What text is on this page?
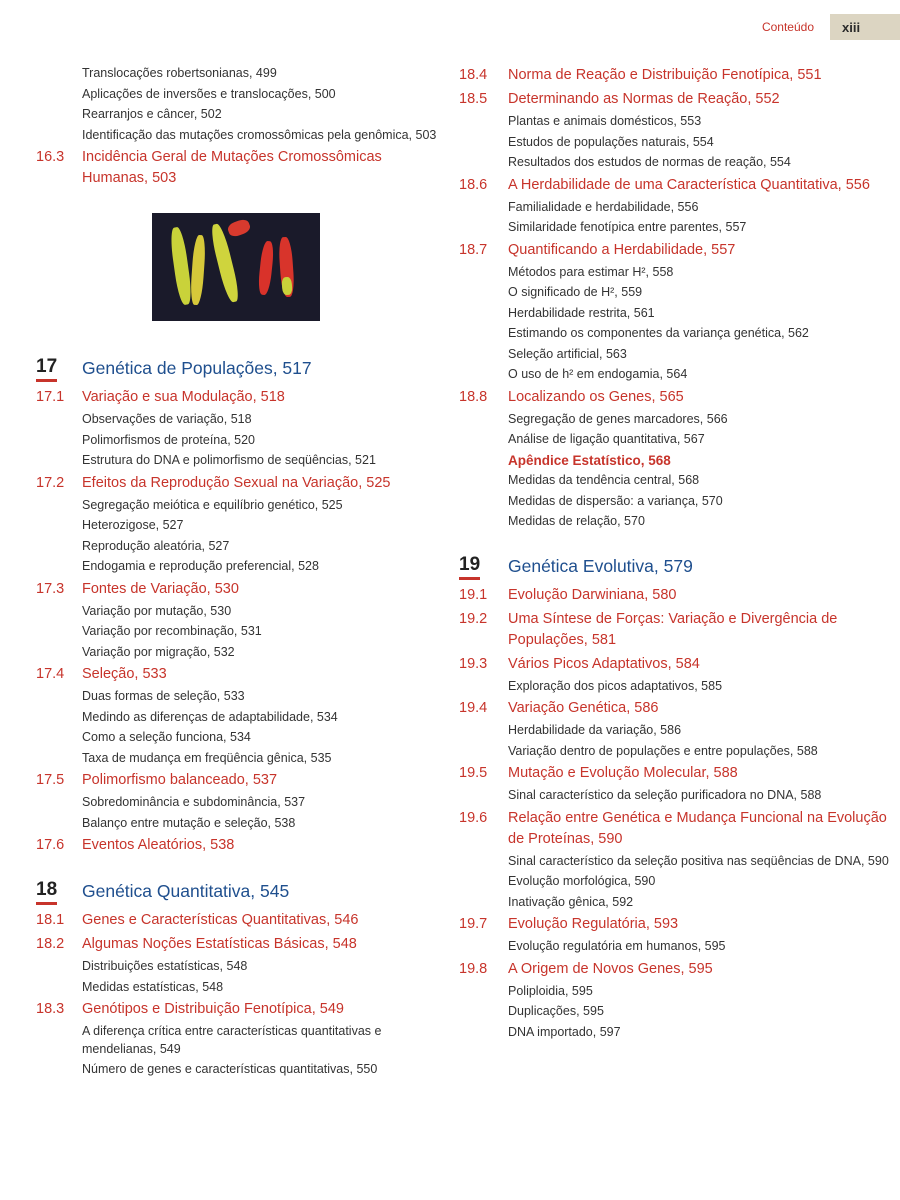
Conteúdo	xiii
Translocações robertsonianas, 499
Aplicações de inversões e translocações, 500
Rearranjos e câncer, 502
Identificação das mutações cromossômicas pela genômica, 503
16.3	Incidência Geral de Mutações Cromossômicas Humanas, 503
17	Genética de Populações, 517
17.1	Variação e sua Modulação, 518
Observações de variação, 518
Polimorfismos de proteína, 520
Estrutura do DNA e polimorfismo de seqüências, 521
17.2	Efeitos da Reprodução Sexual na Variação, 525
Segregação meiótica e equilíbrio genético, 525
Heterozigose, 527
Reprodução aleatória, 527
Endogamia e reprodução preferencial, 528
17.3	Fontes de Variação, 530
Variação por mutação, 530
Variação por recombinação, 531
Variação por migração, 532
17.4	Seleção, 533
Duas formas de seleção, 533
Medindo as diferenças de adaptabilidade, 534
Como a seleção funciona, 534
Taxa de mudança em freqüência gênica, 535
17.5	Polimorfismo balanceado, 537
Sobredominância e subdominância, 537
Balanço entre mutação e seleção, 538
17.6	Eventos Aleatórios, 538
18	Genética Quantitativa, 545
18.1	Genes e Características Quantitativas, 546
18.2	Algumas Noções Estatísticas Básicas, 548
Distribuições estatísticas, 548
Medidas estatísticas, 548
18.3	Genótipos e Distribuição Fenotípica, 549
A diferença crítica entre características quantitativas e mendelianas, 549
Número de genes e características quantitativas, 550
18.4	Norma de Reação e Distribuição Fenotípica, 551
18.5	Determinando as Normas de Reação, 552
Plantas e animais domésticos, 553
Estudos de populações naturais, 554
Resultados dos estudos de normas de reação, 554
18.6	A Herdabilidade de uma Característica Quantitativa, 556
Familialidade e herdabilidade, 556
Similaridade fenotípica entre parentes, 557
18.7	Quantificando a Herdabilidade, 557
Métodos para estimar H², 558
O significado de H², 559
Herdabilidade restrita, 561
Estimando os componentes da variança genética, 562
Seleção artificial, 563
O uso de h² em endogamia, 564
18.8	Localizando os Genes, 565
Segregação de genes marcadores, 566
Análise de ligação quantitativa, 567
Apêndice Estatístico, 568
Medidas da tendência central, 568
Medidas de dispersão: a variança, 570
Medidas de relação, 570
19	Genética Evolutiva, 579
19.1	Evolução Darwiniana, 580
19.2	Uma Síntese de Forças: Variação e Divergência de Populações, 581
19.3	Vários Picos Adaptativos, 584
Exploração dos picos adaptativos, 585
19.4	Variação Genética, 586
Herdabilidade da variação, 586
Variação dentro de populações e entre populações, 588
19.5	Mutação e Evolução Molecular, 588
Sinal característico da seleção purificadora no DNA, 588
19.6	Relação entre Genética e Mudança Funcional na Evolução de Proteínas, 590
Sinal característico da seleção positiva nas seqüências de DNA, 590
Evolução morfológica, 590
Inativação gênica, 592
19.7	Evolução Regulatória, 593
Evolução regulatória em humanos, 595
19.8	A Origem de Novos Genes, 595
Poliploidia, 595
Duplicações, 595
DNA importado, 597
